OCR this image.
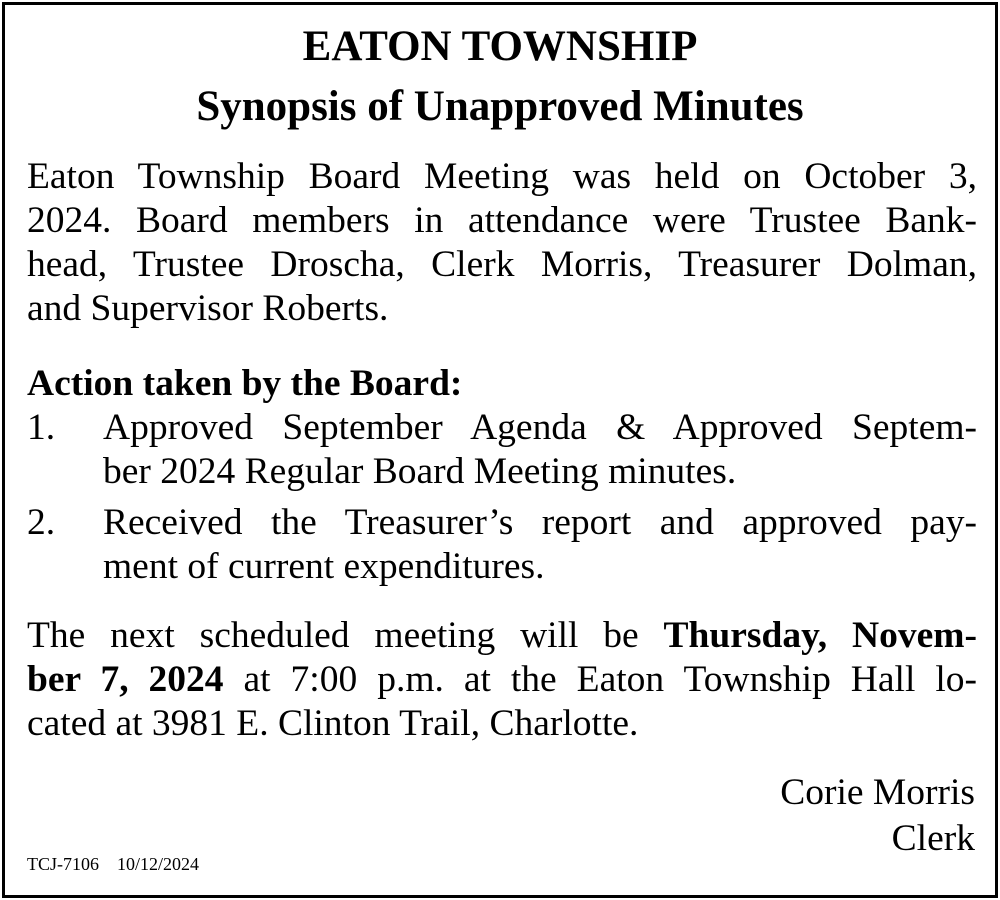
EATON TOWNSHIP
Synopsis of Unapproved Minutes
Eaton Township Board Meeting was held on October 3,
2024. Board members in attendance were Trustee Bank-
head, Trustee Droscha, Clerk Morris, Treasurer Dolman,
and Supervisor Roberts.
Action taken by the Board:
1. Approved September Agenda & Approved Septem-
ber 2024 Regular Board Meeting minutes.
2. Received the Treasurer’s report and approved pay-
ment of current expenditures.
The next scheduled meeting will be Thursday, Novem-
ber 7, 2024 at 7:00 p.m. at the Eaton Township Hall lo-
cated at 3981 E. Clinton Trail, Charlotte.
Corie Morris
Clerk
TCJ-7106 10/12/2024
